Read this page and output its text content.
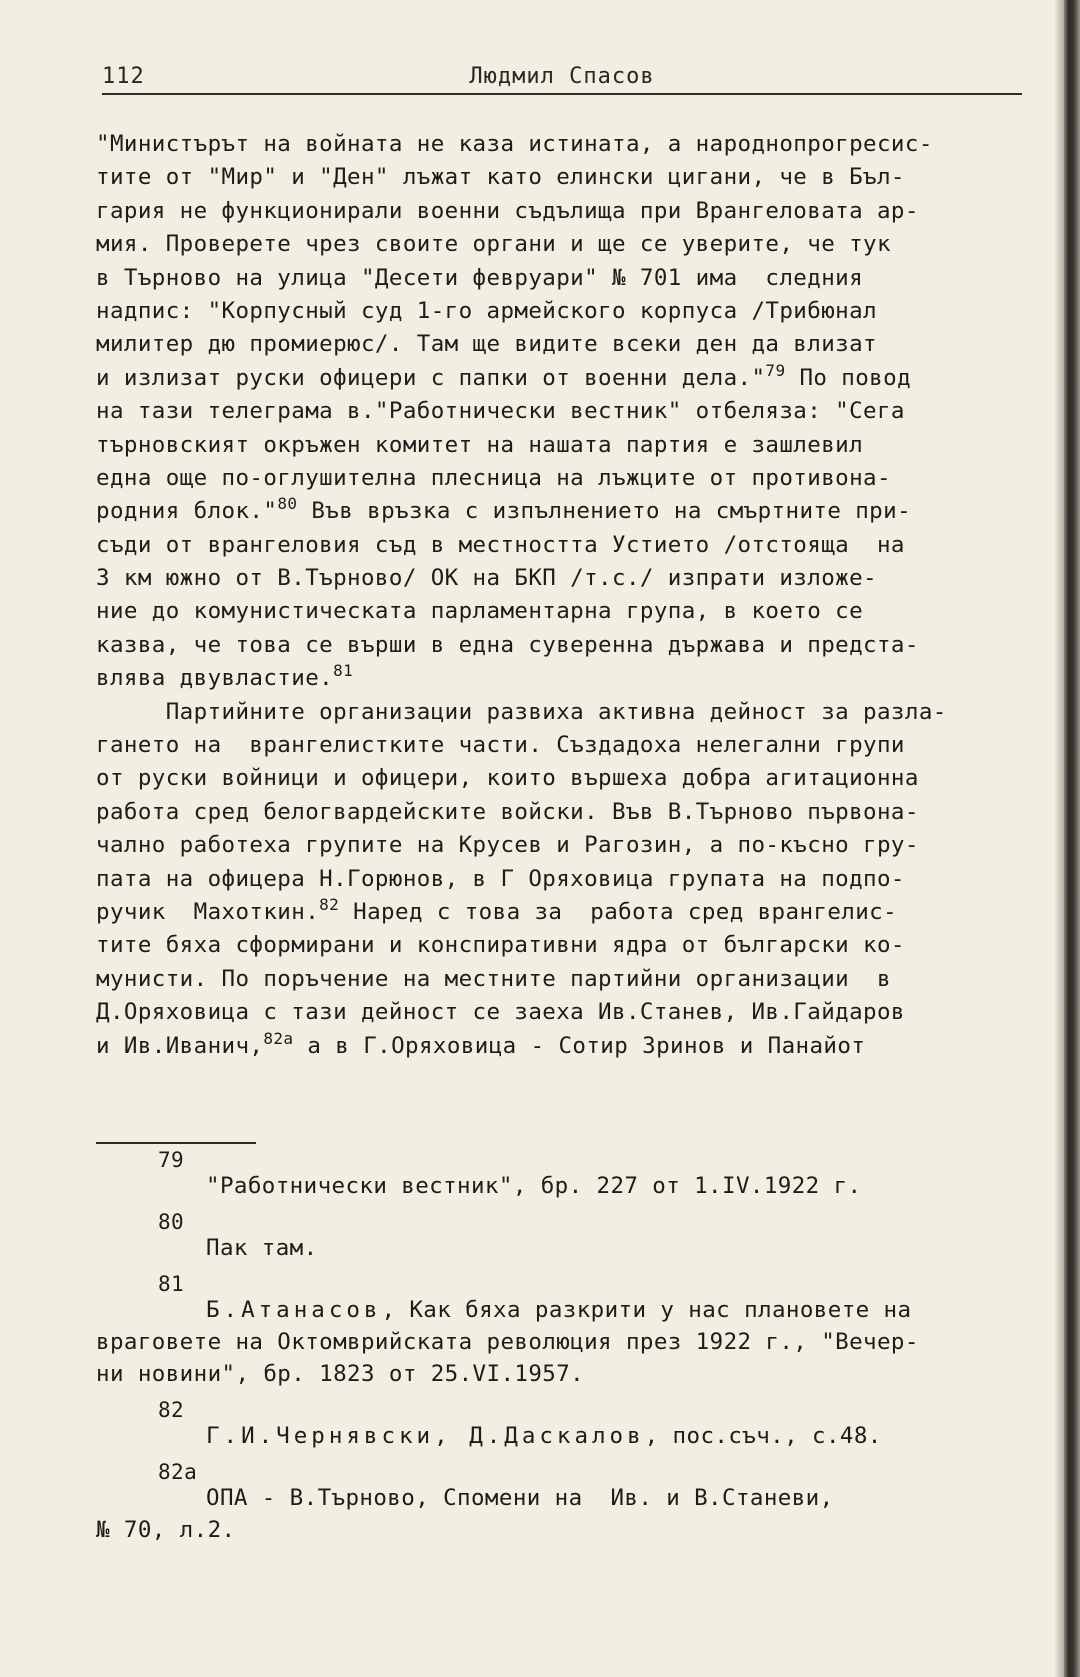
112	Людмил Спасов
"Министърът на войната не каза истината, а народнопрогресис-
тите от "Мир" и "Ден" лъжат като елински цигани, че в Бъл-
гария не функционирали военни съдълища при Врангеловата ар-
мия. Проверете чрез своите органи и ще се уверите, че тук
в Търново на улица "Десети февруари" № 701 има  следния
надпис: "Корпусный суд 1-го армейского корпуса /Трибюнал
милитер дю промиерюс/. Там ще видите всеки ден да влизат
и излизат руски офицери с папки от военни дела."$^{79}$ По повод
на тази телеграма в."Работнически вестник" отбеляза: "Сега
търновският окръжен комитет на нашата партия е зашлевил
една още по-оглушителна плесница на лъжците от противона-
родния блок."$^{80}$ Във връзка с изпълнението на смъртните при-
съди от врангеловия съд в местността Устието /отстояща  на
3 км южно от В.Търново/ ОК на БКП /т.с./ изпрати изложе-
ние до комунистическата парламентарна група, в което се
казва, че това се върши в една суверенна държава и предста-
влява двувластие.$^{81}$
Партийните организации развиха активна дейност за разла-
гането на  врангелистките части. Създадоха нелегални групи
от руски войници и офицери, които вършеха добра агитационна
работа сред белогвардейските войски. Във В.Търново първона-
чално работеха групите на Крусев и Рагозин, а по-късно гру-
пата на офицера Н.Горюнов, в Г Оряховица групата на подпо-
ручик  Махоткин.$^{82}$ Наред с това за  работа сред врангелис-
тите бяха сформирани и конспиративни ядра от български ко-
мунисти. По поръчение на местните партийни организации  в
Д.Оряховица с тази дейност се заеха Ив.Станев, Ив.Гайдаров
и Ив.Иванич,$^{82а}$ а в Г.Оряховица - Сотир Зринов и Панайот
79
"Работнически вестник", бр. 227 от 1.IV.1922 г.
80
Пак там.
81
Б.Атанасов, Как бяха разкрити у нас плановете на
враговете на Октомврийската революция през 1922 г., "Вечер-
ни новини", бр. 1823 от 25.VI.1957.
82
Г.И.Чернявски, Д.Даскалов, пос.съч., с.48.
82а
ОПА - В.Търново, Спомени на  Ив. и В.Станеви,
№ 70, л.2.
